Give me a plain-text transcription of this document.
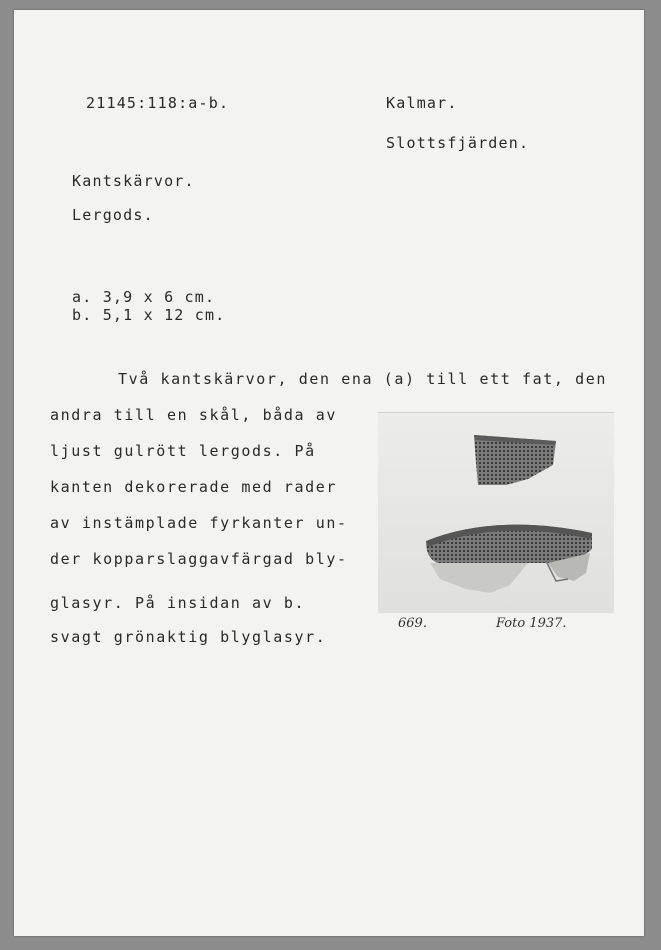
21145:118:a-b.	Kalmar.
Slottsfjärden.
Kantskärvor.
Lergods.
a. 3,9 x 6 cm.
b. 5,1 x 12 cm.
Två kantskärvor, den ena (a) till ett fat, den
andra till en skål, båda av
ljust gulrött lergods. På
kanten dekorerade med rader
av instämplade fyrkanter un-
der kopparslaggavfärgad bly-
glasyr. På insidan av b.
svagt grönaktig blyglasyr.
669.	Foto 1937.
